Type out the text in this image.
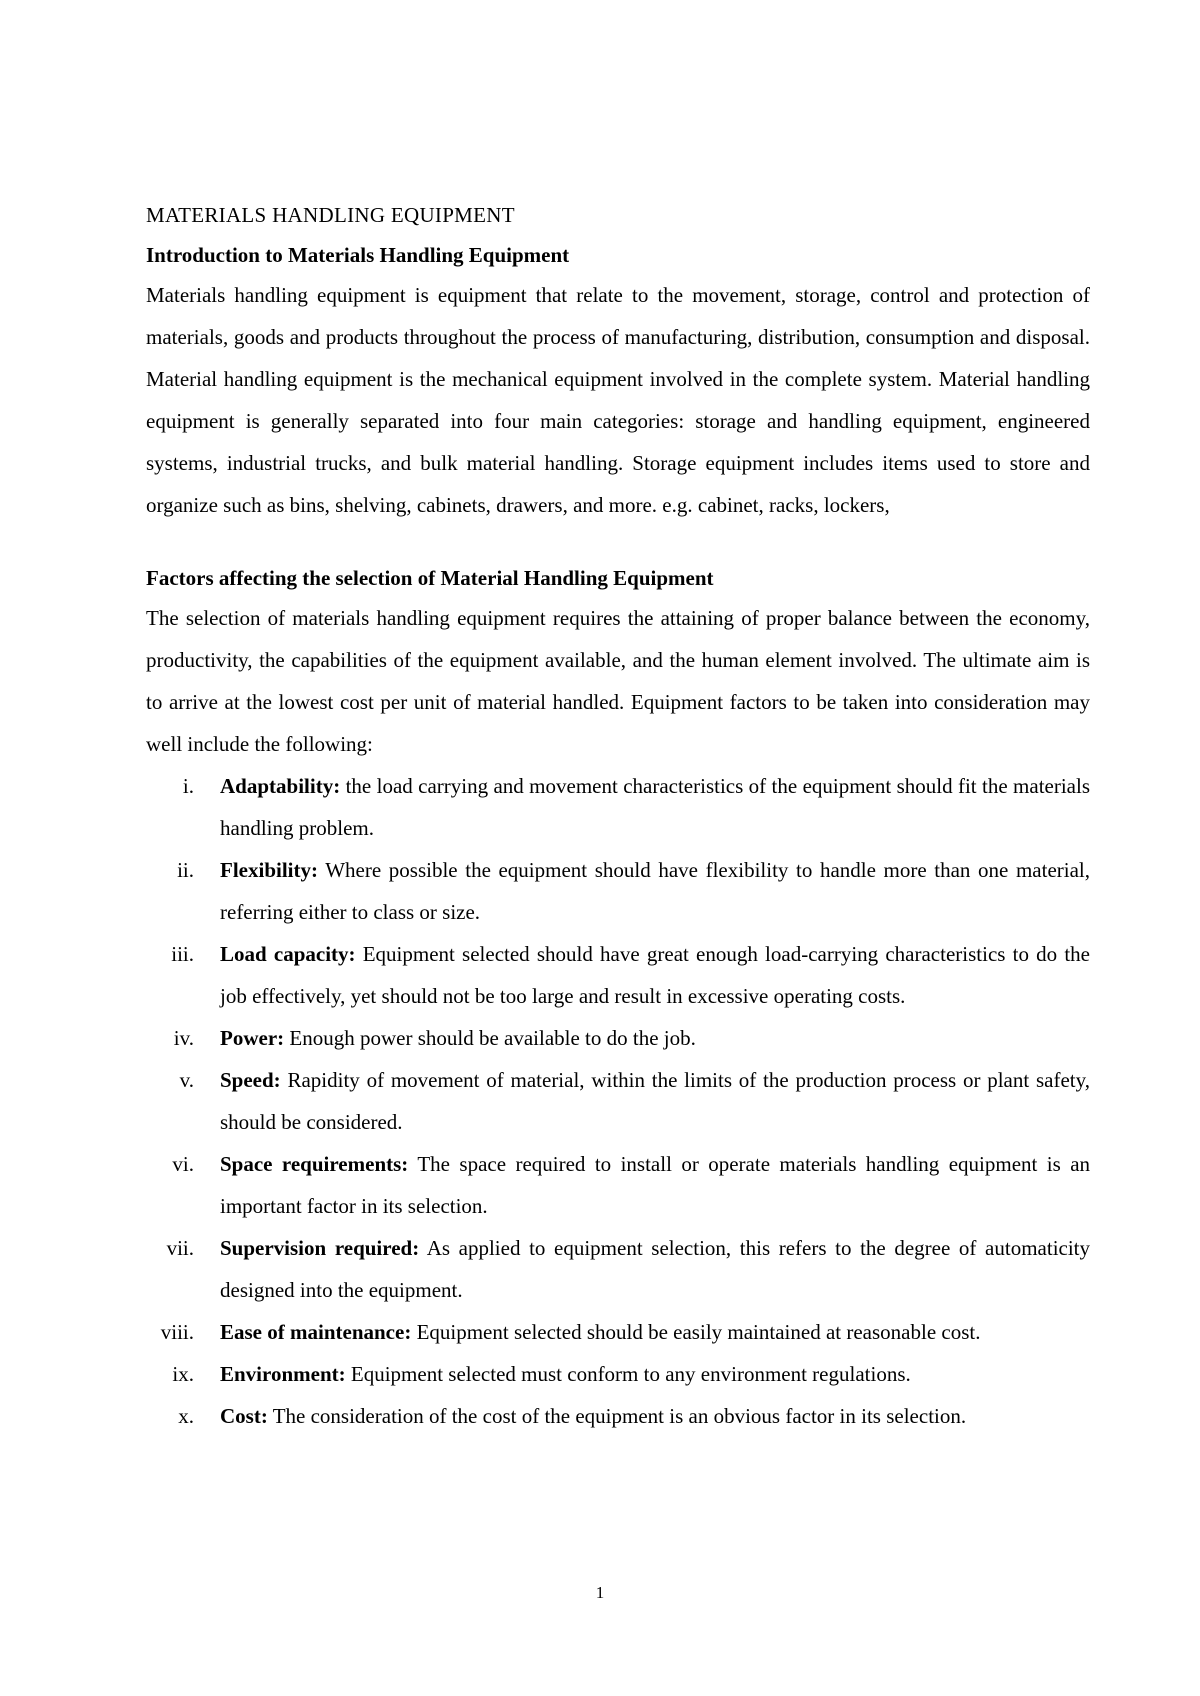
MATERIALS HANDLING EQUIPMENT
Introduction to Materials Handling Equipment

Materials handling equipment is equipment that relate to the movement, storage, control and protection of materials, goods and products throughout the process of manufacturing, distribution, consumption and disposal. Material handling equipment is the mechanical equipment involved in the complete system. Material handling equipment is generally separated into four main categories: storage and handling equipment, engineered systems, industrial trucks, and bulk material handling. Storage equipment includes items used to store and organize such as bins, shelving, cabinets, drawers, and more. e.g. cabinet, racks, lockers,

Factors affecting the selection of Material Handling Equipment

The selection of materials handling equipment requires the attaining of proper balance between the economy, productivity, the capabilities of the equipment available, and the human element involved. The ultimate aim is to arrive at the lowest cost per unit of material handled. Equipment factors to be taken into consideration may well include the following:

i. Adaptability: the load carrying and movement characteristics of the equipment should fit the materials handling problem.
ii. Flexibility: Where possible the equipment should have flexibility to handle more than one material, referring either to class or size.
iii. Load capacity: Equipment selected should have great enough load-carrying characteristics to do the job effectively, yet should not be too large and result in excessive operating costs.
iv. Power: Enough power should be available to do the job.
v. Speed: Rapidity of movement of material, within the limits of the production process or plant safety, should be considered.
vi. Space requirements: The space required to install or operate materials handling equipment is an important factor in its selection.
vii. Supervision required: As applied to equipment selection, this refers to the degree of automaticity designed into the equipment.
viii. Ease of maintenance: Equipment selected should be easily maintained at reasonable cost.
ix. Environment: Equipment selected must conform to any environment regulations.
x. Cost: The consideration of the cost of the equipment is an obvious factor in its selection.
1
